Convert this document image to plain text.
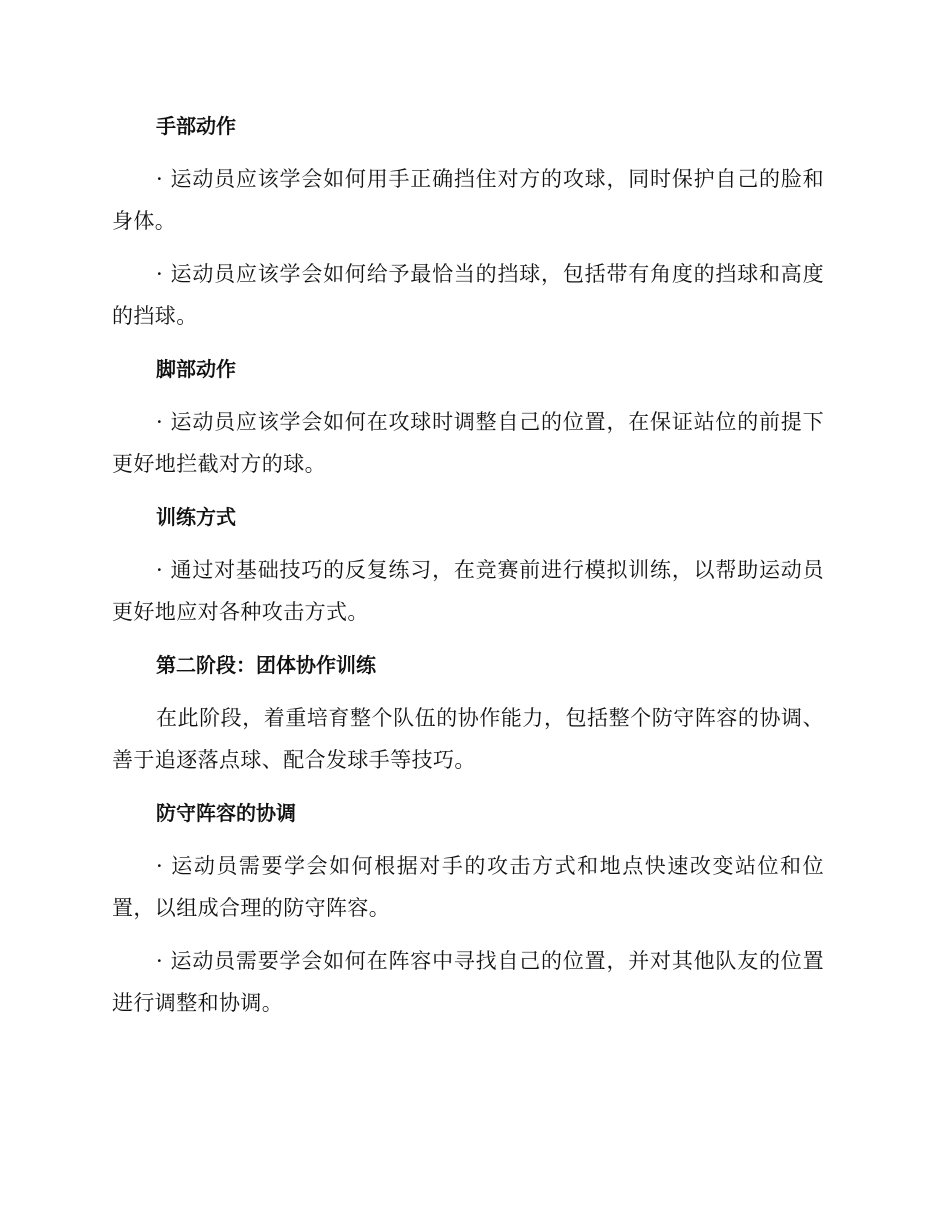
手部动作

· 运动员应该学会如何用手正确挡住对方的攻球，同时保护自己的脸和身体。

· 运动员应该学会如何给予最恰当的挡球，包括带有角度的挡球和高度的挡球。

脚部动作

· 运动员应该学会如何在攻球时调整自己的位置，在保证站位的前提下更好地拦截对方的球。

训练方式

· 通过对基础技巧的反复练习，在竞赛前进行模拟训练，以帮助运动员更好地应对各种攻击方式。

第二阶段：团体协作训练

在此阶段，着重培育整个队伍的协作能力，包括整个防守阵容的协调、善于追逐落点球、配合发球手等技巧。

防守阵容的协调

· 运动员需要学会如何根据对手的攻击方式和地点快速改变站位和位置，以组成合理的防守阵容。

· 运动员需要学会如何在阵容中寻找自己的位置，并对其他队友的位置进行调整和协调。
